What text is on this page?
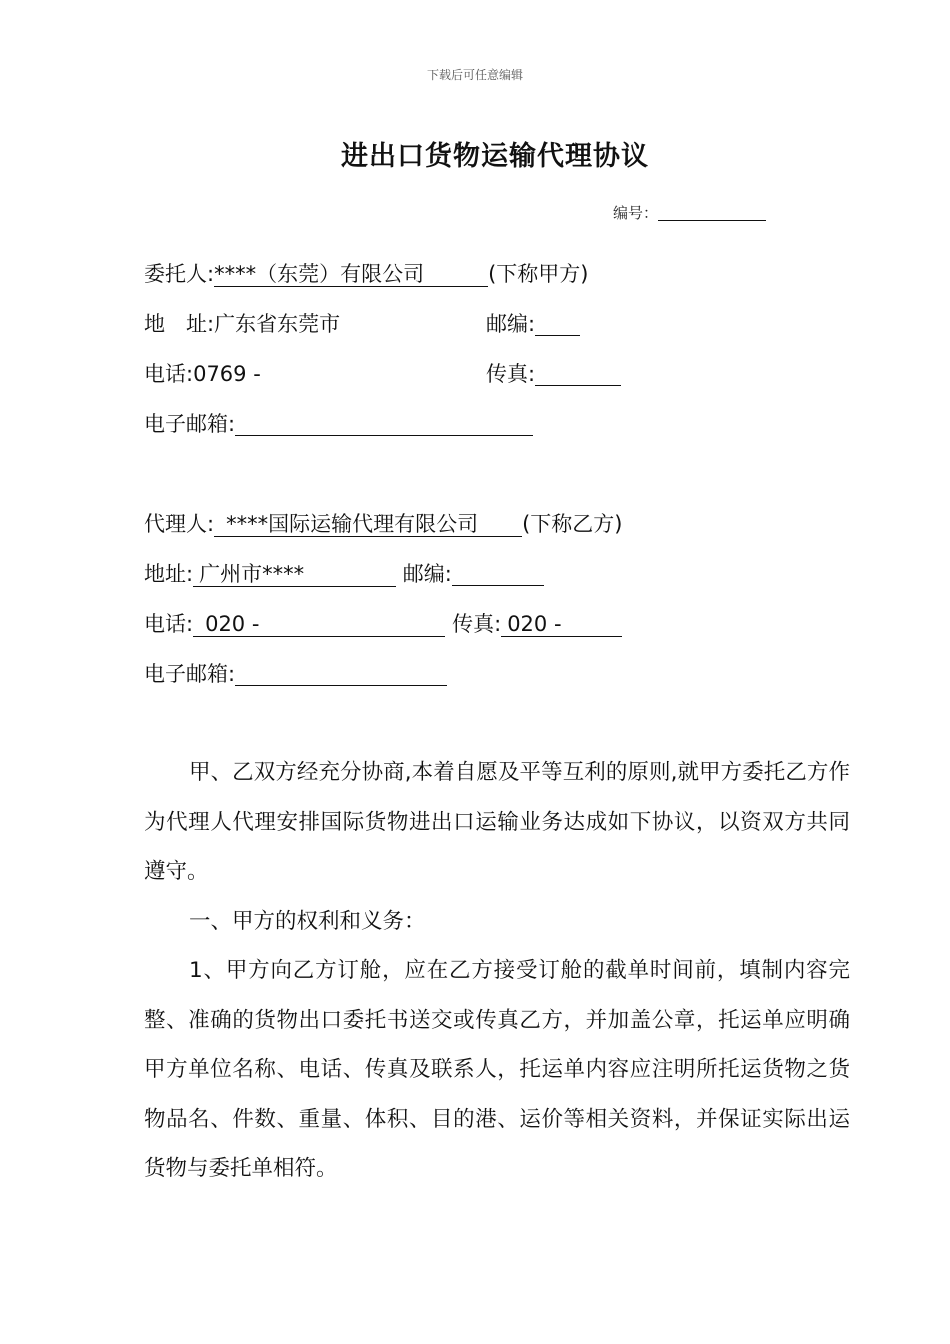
下载后可任意编辑
进出口货物运输代理协议
编号：
委托人:****（东莞）有限公司	(下称甲方)
地　址:广东省东莞市	邮编:
电话:0769 -	传真:
电子邮箱:
代理人: ****国际运输代理有限公司 (下称乙方)
地址: 广州市****	邮编:
电话: 020 -	传真: 020 -
电子邮箱:

甲、乙双方经充分协商,本着自愿及平等互利的原则,就甲方委托乙方作为代理人代理安排国际货物进出口运输业务达成如下协议，以资双方共同遵守。

一、甲方的权利和义务：

1、甲方向乙方订舱，应在乙方接受订舱的截单时间前，填制内容完整、准确的货物出口委托书送交或传真乙方，并加盖公章，托运单应明确甲方单位名称、电话、传真及联系人，托运单内容应注明所托运货物之货物品名、件数、重量、体积、目的港、运价等相关资料，并保证实际出运货物与委托单相符。
